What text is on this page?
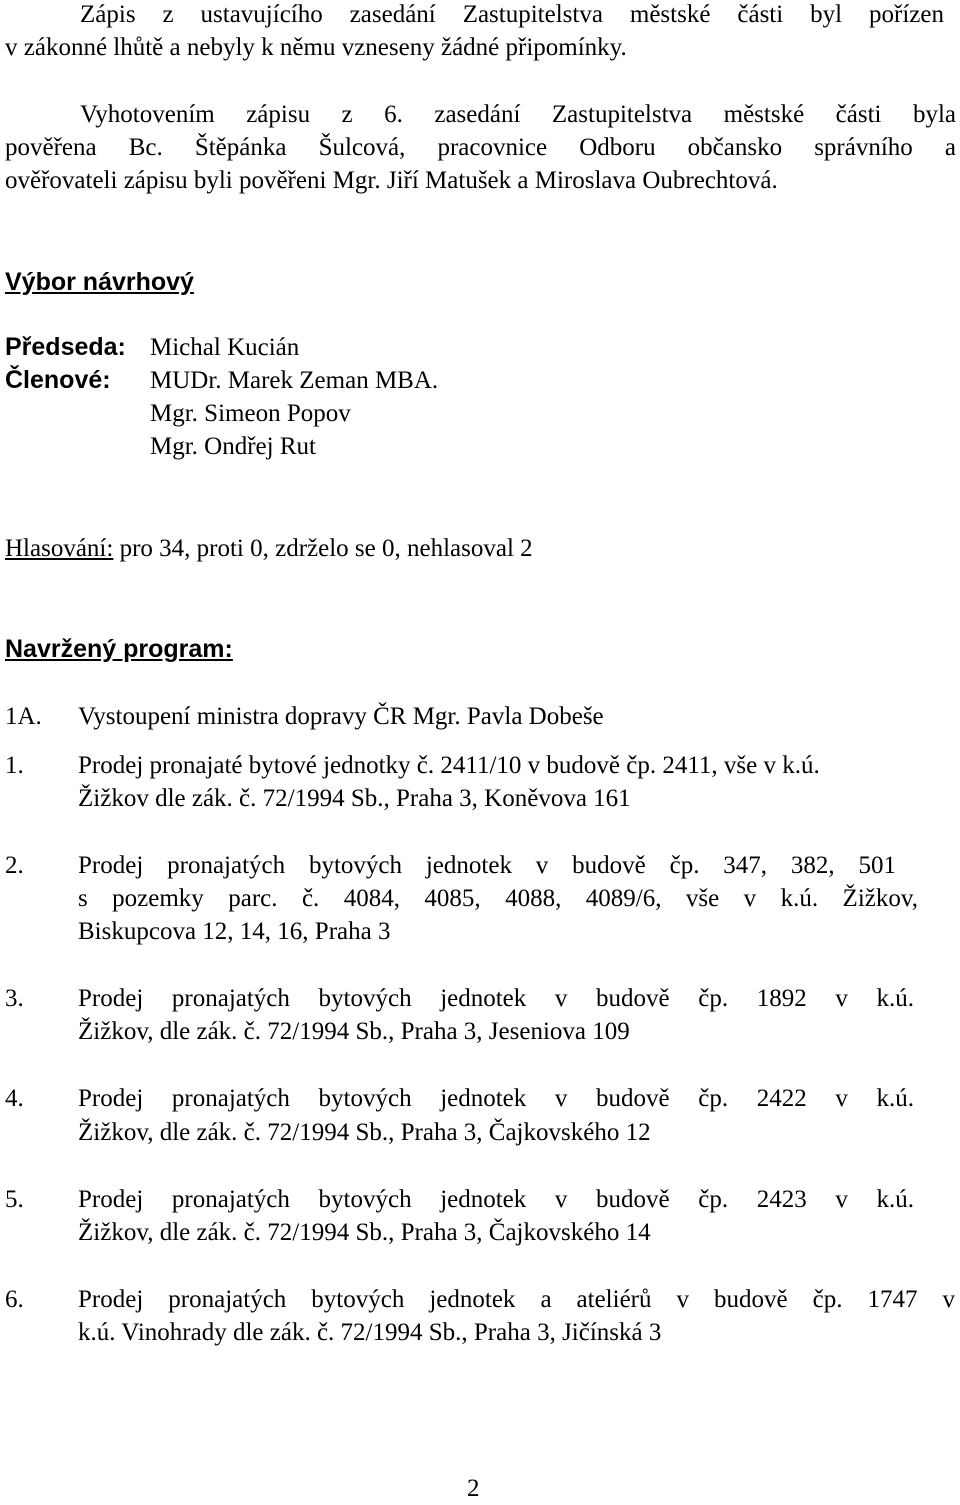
Zápis z ustavujícího zasedání Zastupitelstva městské části byl pořízen
v zákonné lhůtě a nebyly k němu vzneseny žádné připomínky.
Vyhotovením zápisu z 6. zasedání Zastupitelstva městské části byla
pověřena Bc. Štěpánka Šulcová, pracovnice Odboru občansko správního a
ověřovateli zápisu byli pověřeni Mgr. Jiří Matušek a Miroslava Oubrechtová.
Výbor návrhový
Předseda: Michal Kucián
Členové: MUDr. Marek Zeman MBA.
Mgr. Simeon Popov
Mgr. Ondřej Rut
Hlasování: pro 34, proti 0, zdrželo se 0, nehlasoval 2
Navržený program:
1A. Vystoupení ministra dopravy ČR Mgr. Pavla Dobeše
1. Prodej pronajaté bytové jednotky č. 2411/10 v budově čp. 2411, vše v k.ú.
Žižkov dle zák. č. 72/1994 Sb., Praha 3, Koněvova 161
2. Prodej pronajatých bytových jednotek v budově čp. 347, 382, 501
s pozemky parc. č. 4084, 4085, 4088, 4089/6, vše v k.ú. Žižkov,
Biskupcova 12, 14, 16, Praha 3
3. Prodej pronajatých bytových jednotek v budově čp. 1892 v k.ú.
Žižkov, dle zák. č. 72/1994 Sb., Praha 3, Jeseniova 109
4. Prodej pronajatých bytových jednotek v budově čp. 2422 v k.ú.
Žižkov, dle zák. č. 72/1994 Sb., Praha 3, Čajkovského 12
5. Prodej pronajatých bytových jednotek v budově čp. 2423 v k.ú.
Žižkov, dle zák. č. 72/1994 Sb., Praha 3, Čajkovského 14
6. Prodej pronajatých bytových jednotek a ateliérů v budově čp. 1747 v
k.ú. Vinohrady dle zák. č. 72/1994 Sb., Praha 3, Jičínská 3
2
